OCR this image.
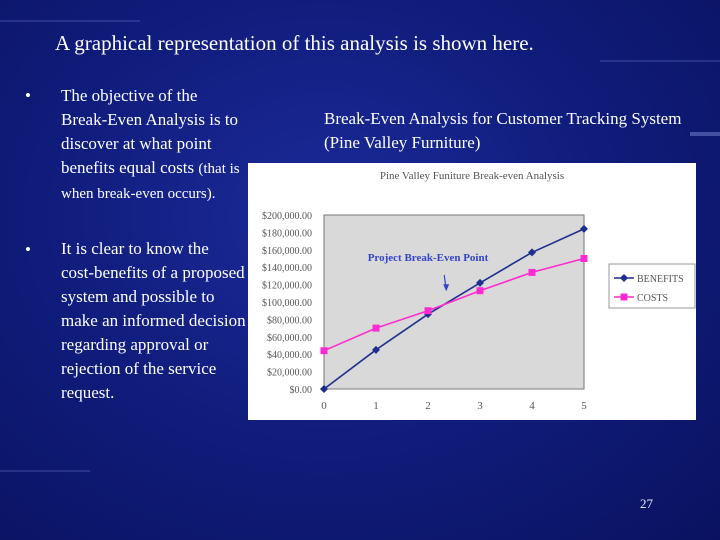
A graphical representation of this analysis is shown here.
• The objective of the Break-Even Analysis is to discover at what point benefits equal costs (that is when break-even occurs).
• It is clear to know the cost-benefits of a proposed system and possible to make an informed decision regarding approval or rejection of the service request.
Break-Even Analysis for Customer Tracking System (Pine Valley Furniture)
Pine Valley Funiture Break-even Analysis
$0.00
$20,000.00
$40,000.00
$60,000.00
$80,000.00
$100,000.00
$120,000.00
$140,000.00
$160,000.00
$180,000.00
$200,000.00
0	1	2	3	4	5
Project Break-Even Point
BENEFITS
COSTS
27
